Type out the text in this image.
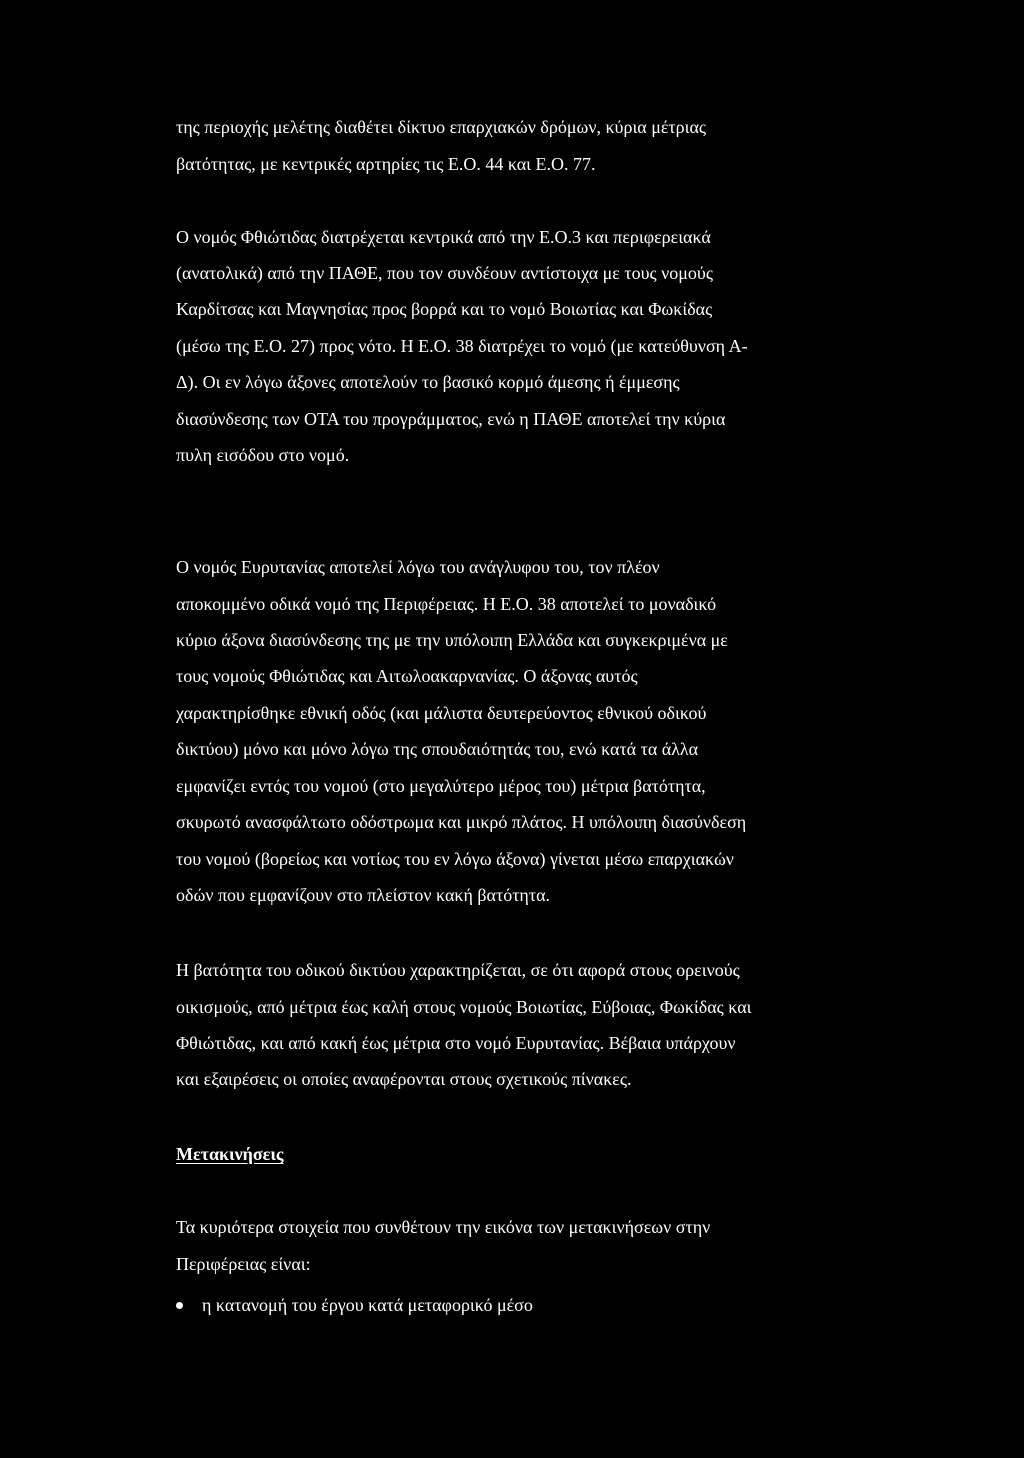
της περιοχής μελέτης διαθέτει δίκτυο επαρχιακών δρόμων, κύρια μέτριας

βατότητας, με κεντρικές αρτηρίες τις Ε.Ο. 44 και Ε.Ο. 77.

Ο νομός Φθιώτιδας διατρέχεται κεντρικά από την Ε.Ο.3 και περιφερειακά

(ανατολικά) από την ΠΑΘΕ, που τον συνδέουν αντίστοιχα με τους νομούς

Καρδίτσας και Μαγνησίας προς βορρά και το νομό Βοιωτίας και Φωκίδας

(μέσω της Ε.Ο. 27) προς νότο. Η Ε.Ο. 38 διατρέχει το νομό (με κατεύθυνση Α-

Δ). Οι εν λόγω άξονες αποτελούν το βασικό κορμό άμεσης ή έμμεσης

διασύνδεσης των ΟΤΑ του προγράμματος, ενώ η ΠΑΘΕ αποτελεί την κύρια

πυλη εισόδου στο νομό.

Ο νομός Ευρυτανίας αποτελεί λόγω του ανάγλυφου του, τον πλέον

αποκομμένο οδικά νομό της Περιφέρειας. Η Ε.Ο. 38 αποτελεί το μοναδικό

κύριο άξονα διασύνδεσης της με την υπόλοιπη Ελλάδα και συγκεκριμένα με

τους νομούς Φθιώτιδας και Αιτωλοακαρνανίας. Ο άξονας αυτός

χαρακτηρίσθηκε εθνική οδός (και μάλιστα δευτερεύοντος εθνικού οδικού

δικτύου) μόνο και μόνο λόγω της σπουδαιότητάς του, ενώ κατά τα άλλα

εμφανίζει εντός του νομού (στο μεγαλύτερο μέρος του) μέτρια βατότητα,

σκυρωτό ανασφάλτωτο οδόστρωμα και μικρό πλάτος. Η υπόλοιπη διασύνδεση

του νομού (βορείως και νοτίως του εν λόγω άξονα) γίνεται μέσω επαρχιακών

οδών που εμφανίζουν στο πλείστον κακή βατότητα.

Η βατότητα του οδικού δικτύου χαρακτηρίζεται, σε ότι αφορά στους ορεινούς

οικισμούς, από μέτρια έως καλή στους νομούς Βοιωτίας, Εύβοιας, Φωκίδας και

Φθιώτιδας, και από κακή έως μέτρια στο νομό Ευρυτανίας. Βέβαια υπάρχουν

και εξαιρέσεις οι οποίες αναφέρονται στους σχετικούς πίνακες.

Μετακινήσεις

Τα κυριότερα στοιχεία που συνθέτουν την εικόνα των μετακινήσεων στην

Περιφέρειας είναι:

η κατανομή του έργου κατά μεταφορικό μέσο
